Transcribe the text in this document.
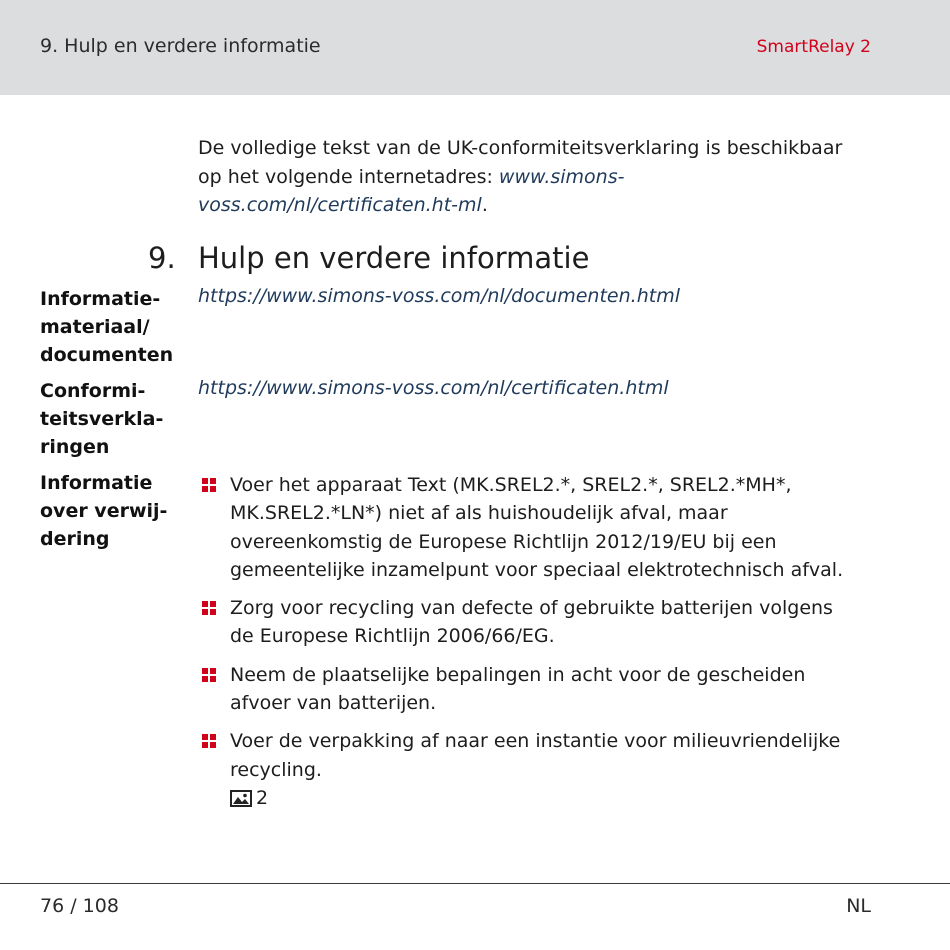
9. Hulp en verdere informatie	SmartRelay 2
De volledige tekst van de UK-conformiteitsverklaring is beschikbaar op het volgende internetadres: www.simons-voss.com/nl/certificaten.ht-ml.
9. Hulp en verdere informatie
Informatie-
materiaal/
documenten
https://www.simons-voss.com/nl/documenten.html
Conformi-
teitsverkla-
ringen
https://www.simons-voss.com/nl/certificaten.html
Informatie
over verwij-
dering
Voer het apparaat Text (MK.SREL2.*, SREL2.*, SREL2.*MH*, MK.SREL2.*LN*) niet af als huishoudelijk afval, maar overeenkomstig de Europese Richtlijn 2012/19/EU bij een gemeentelijke inzamelpunt voor speciaal elektrotechnisch afval.
Zorg voor recycling van defecte of gebruikte batterijen volgens de Europese Richtlijn 2006/66/EG.
Neem de plaatselijke bepalingen in acht voor de gescheiden afvoer van batterijen.
Voer de verpakking af naar een instantie voor milieuvriendelijke recycling.

2
76 / 108	NL
